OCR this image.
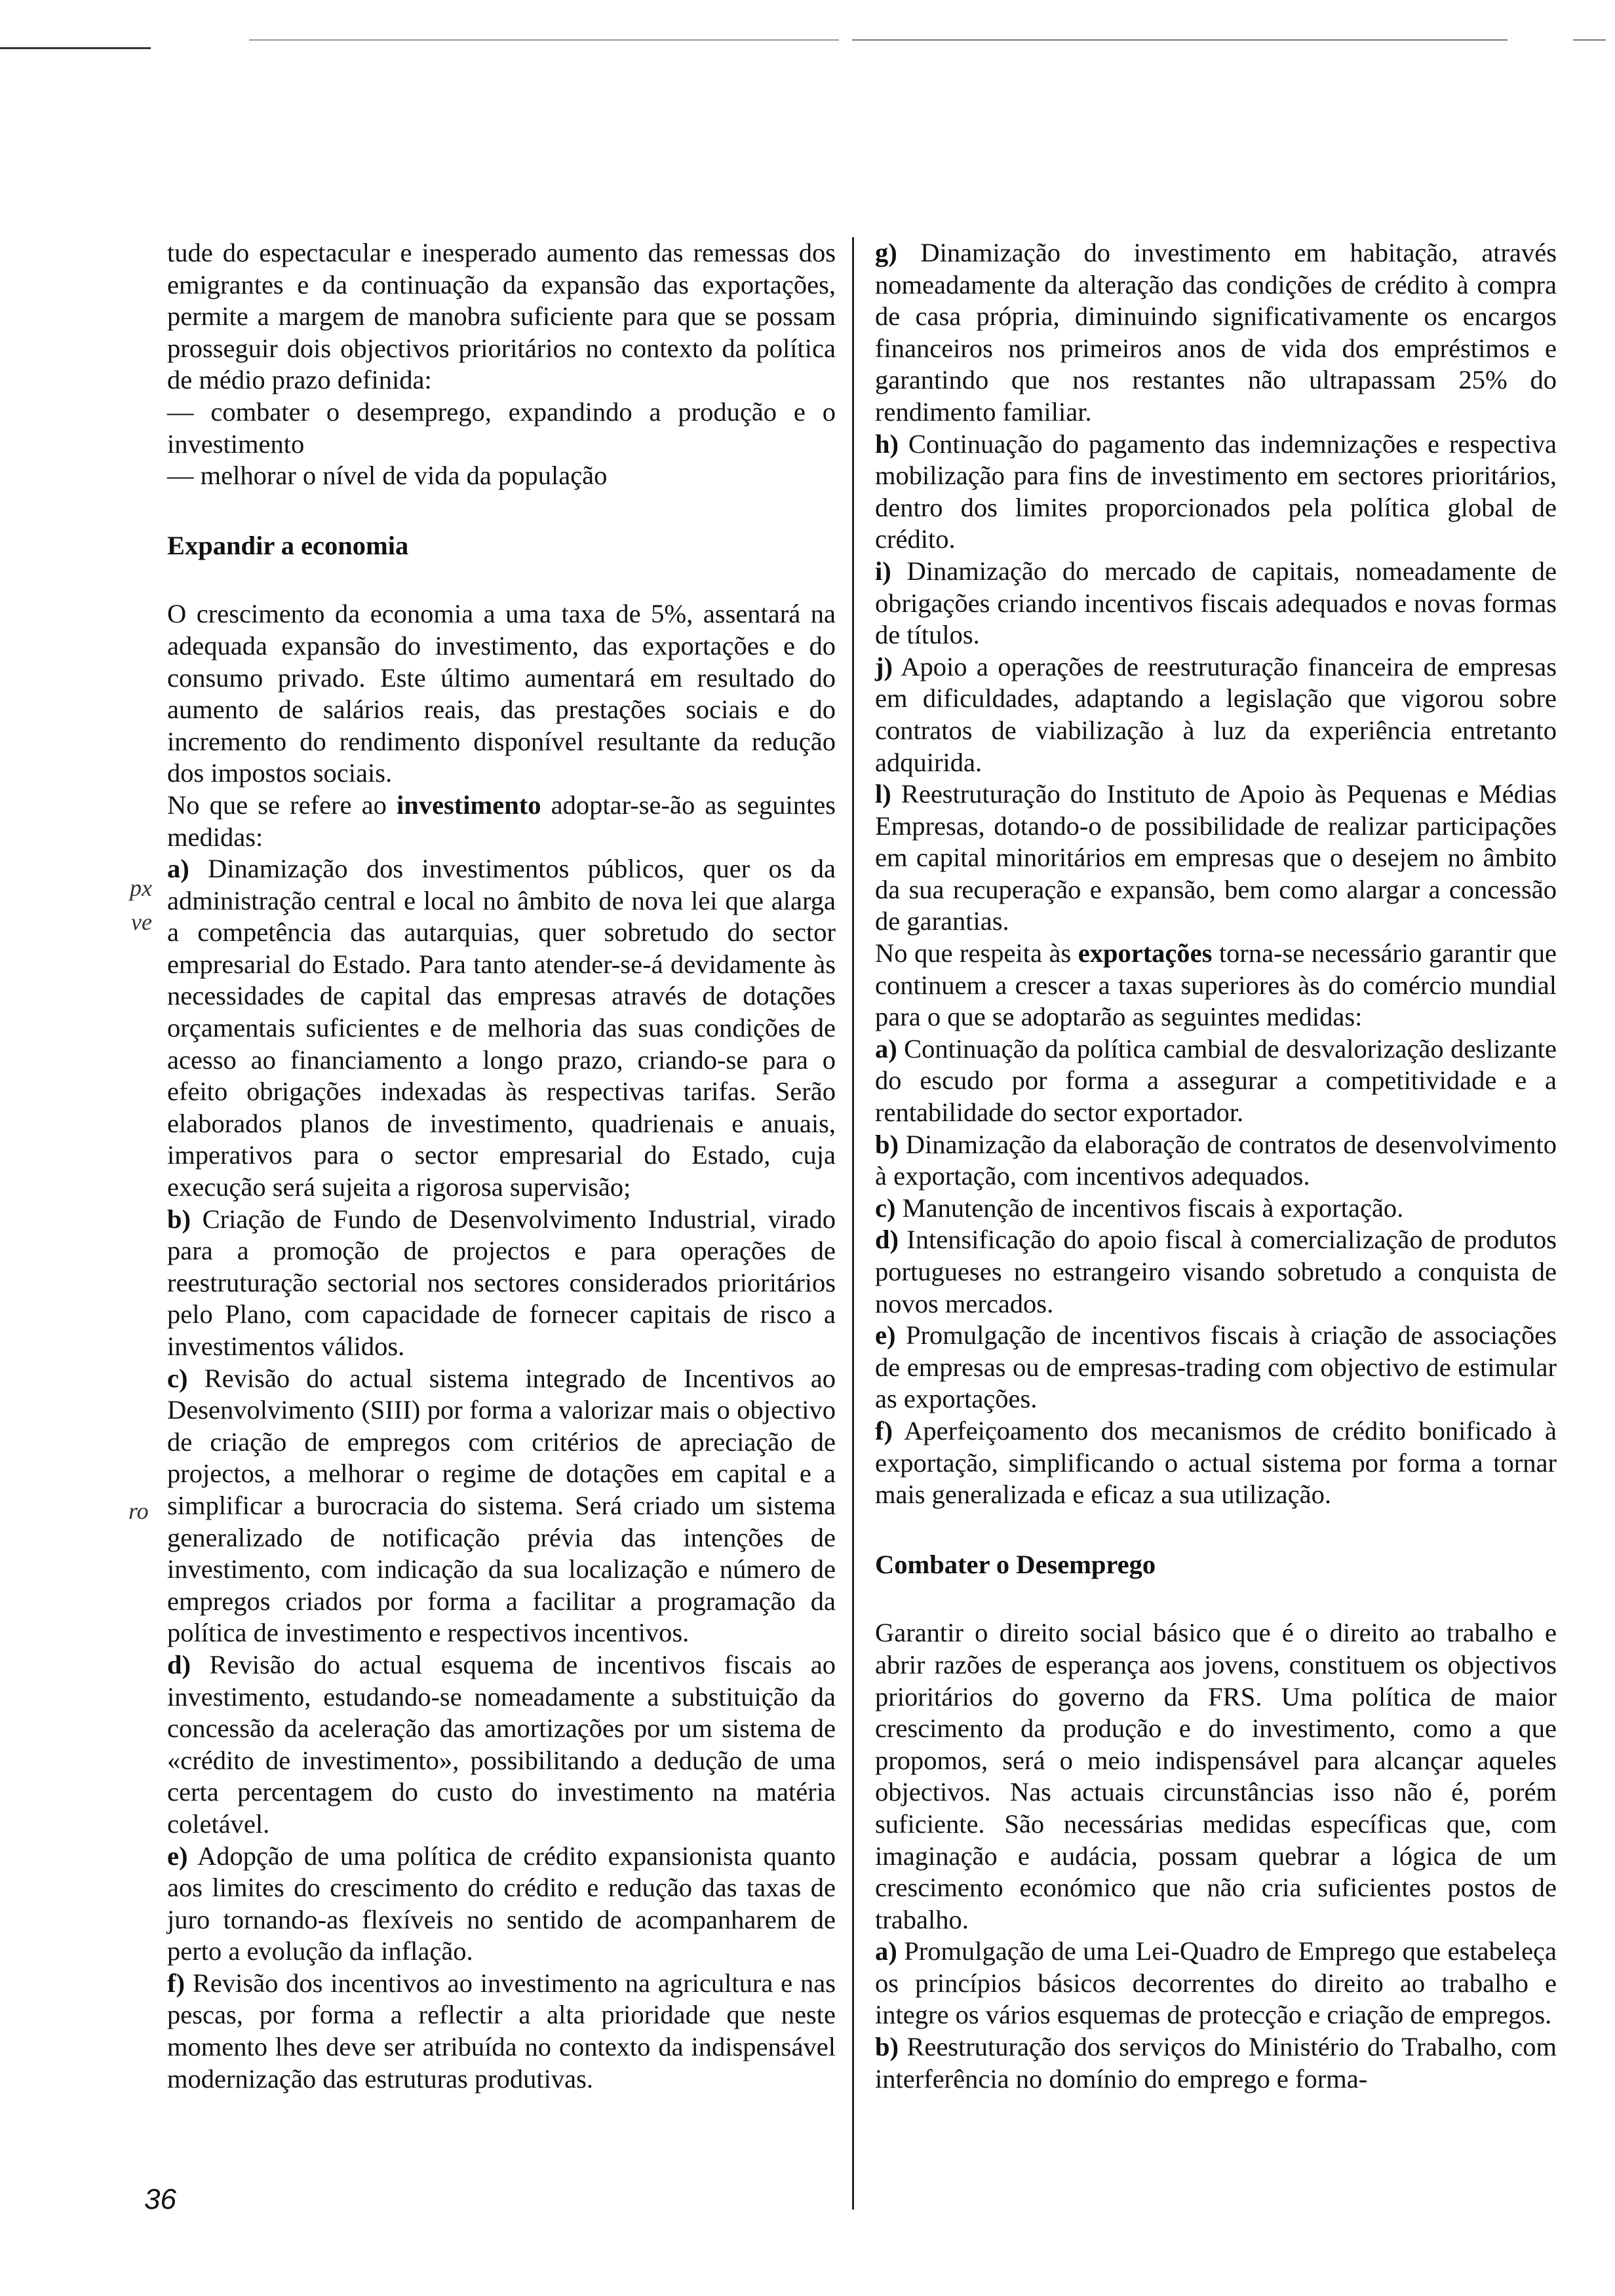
tude do espectacular e inesperado aumento das remessas dos emigrantes e da continuação da expansão das exportações, permite a margem de manobra suficiente para que se possam prosseguir dois objectivos prioritários no contexto da política de médio prazo definida:

— combater o desemprego, expandindo a produção e o investimento

— melhorar o nível de vida da população

Expandir a economia

O crescimento da economia a uma taxa de 5%, assentará na adequada expansão do investimento, das exportações e do consumo privado. Este último aumentará em resultado do aumento de salários reais, das prestações sociais e do incremento do rendimento disponível resultante da redução dos impostos sociais.

No que se refere ao investimento adoptar-se-ão as seguintes medidas:

a) Dinamização dos investimentos públicos, quer os da administração central e local no âmbito de nova lei que alarga a competência das autarquias, quer sobretudo do sector empresarial do Estado. Para tanto atender-se-á devidamente às necessidades de capital das empresas através de dotações orçamentais suficientes e de melhoria das suas condições de acesso ao financiamento a longo prazo, criando-se para o efeito obrigações indexadas às respectivas tarifas. Serão elaborados planos de investimento, quadrienais e anuais, imperativos para o sector empresarial do Estado, cuja execução será sujeita a rigorosa supervisão;

b) Criação de Fundo de Desenvolvimento Industrial, virado para a promoção de projectos e para operações de reestruturação sectorial nos sectores considerados prioritários pelo Plano, com capacidade de fornecer capitais de risco a investimentos válidos.

c) Revisão do actual sistema integrado de Incentivos ao Desenvolvimento (SIII) por forma a valorizar mais o objectivo de criação de empregos com critérios de apreciação de projectos, a melhorar o regime de dotações em capital e a simplificar a burocracia do sistema. Será criado um sistema generalizado de notificação prévia das intenções de investimento, com indicação da sua localização e número de empregos criados por forma a facilitar a programação da política de investimento e respectivos incentivos.

d) Revisão do actual esquema de incentivos fiscais ao investimento, estudando-se nomeadamente a substituição da concessão da aceleração das amortizações por um sistema de «crédito de investimento», possibilitando a dedução de uma certa percentagem do custo do investimento na matéria coletável.

e) Adopção de uma política de crédito expansionista quanto aos limites do crescimento do crédito e redução das taxas de juro tornando-as flexíveis no sentido de acompanharem de perto a evolução da inflação.

f) Revisão dos incentivos ao investimento na agricultura e nas pescas, por forma a reflectir a alta prioridade que neste momento lhes deve ser atribuída no contexto da indispensável modernização das estruturas produtivas.

g) Dinamização do investimento em habitação, através nomeadamente da alteração das condições de crédito à compra de casa própria, diminuindo significativamente os encargos financeiros nos primeiros anos de vida dos empréstimos e garantindo que nos restantes não ultrapassam 25% do rendimento familiar.

h) Continuação do pagamento das indemnizações e respectiva mobilização para fins de investimento em sectores prioritários, dentro dos limites proporcionados pela política global de crédito.

i) Dinamização do mercado de capitais, nomeadamente de obrigações criando incentivos fiscais adequados e novas formas de títulos.

j) Apoio a operações de reestruturação financeira de empresas em dificuldades, adaptando a legislação que vigorou sobre contratos de viabilização à luz da experiência entretanto adquirida.

l) Reestruturação do Instituto de Apoio às Pequenas e Médias Empresas, dotando-o de possibilidade de realizar participações em capital minoritários em empresas que o desejem no âmbito da sua recuperação e expansão, bem como alargar a concessão de garantias.

No que respeita às exportações torna-se necessário garantir que continuem a crescer a taxas superiores às do comércio mundial para o que se adoptarão as seguintes medidas:

a) Continuação da política cambial de desvalorização deslizante do escudo por forma a assegurar a competitividade e a rentabilidade do sector exportador.

b) Dinamização da elaboração de contratos de desenvolvimento à exportação, com incentivos adequados.

c) Manutenção de incentivos fiscais à exportação.

d) Intensificação do apoio fiscal à comercialização de produtos portugueses no estrangeiro visando sobretudo a conquista de novos mercados.

e) Promulgação de incentivos fiscais à criação de associações de empresas ou de empresas-trading com objectivo de estimular as exportações.

f) Aperfeiçoamento dos mecanismos de crédito bonificado à exportação, simplificando o actual sistema por forma a tornar mais generalizada e eficaz a sua utilização.

Combater o Desemprego

Garantir o direito social básico que é o direito ao trabalho e abrir razões de esperança aos jovens, constituem os objectivos prioritários do governo da FRS. Uma política de maior crescimento da produção e do investimento, como a que propomos, será o meio indispensável para alcançar aqueles objectivos. Nas actuais circunstâncias isso não é, porém suficiente. São necessárias medidas específicas que, com imaginação e audácia, possam quebrar a lógica de um crescimento económico que não cria suficientes postos de trabalho.

a) Promulgação de uma Lei-Quadro de Emprego que estabeleça os princípios básicos decorrentes do direito ao trabalho e integre os vários esquemas de protecção e criação de empregos.

b) Reestruturação dos serviços do Ministério do Trabalho, com interferência no domínio do emprego e forma-

px
ve
ro
36
